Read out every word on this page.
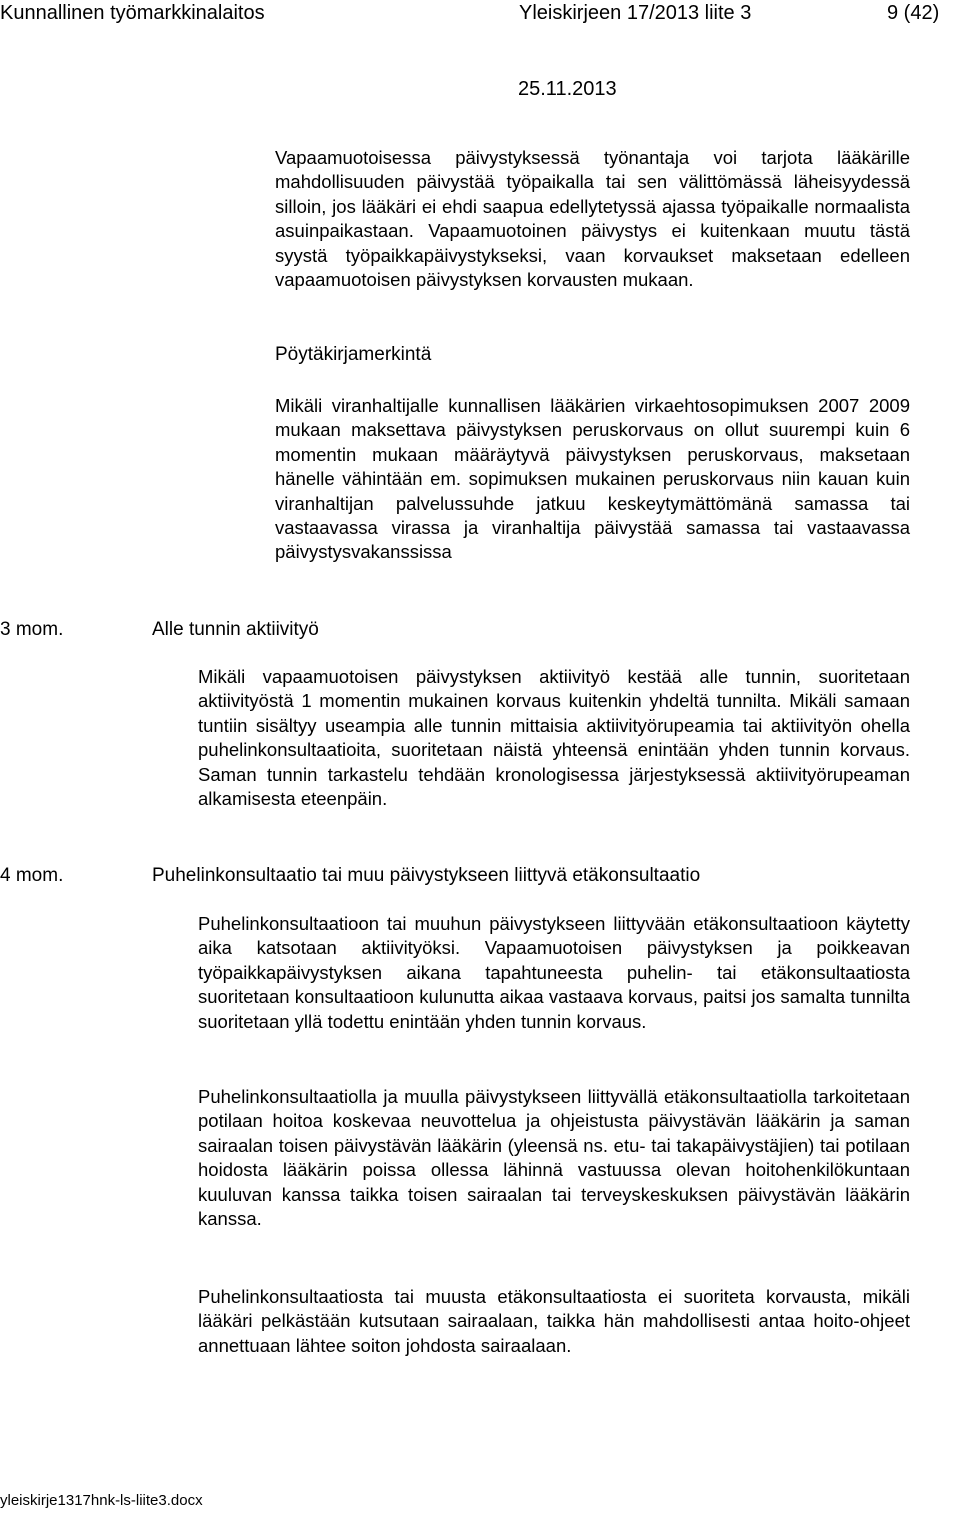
Kunnallinen työmarkkinalaitos	Yleiskirjeen 17/2013 liite 3	9 (42)
25.11.2013
Vapaamuotoisessa päivystyksessä työnantaja voi tarjota lääkärille mahdollisuuden päivystää työpaikalla tai sen välittömässä läheisyydessä silloin, jos lääkäri ei ehdi saapua edellytetyssä ajassa työpaikalle normaalista asuinpaikastaan. Vapaamuotoinen päivystys ei kuitenkaan muutu tästä syystä työpaikkapäivystykseksi, vaan korvaukset maksetaan edelleen vapaamuotoisen päivystyksen korvausten mukaan.
Pöytäkirjamerkintä
Mikäli viranhaltijalle kunnallisen lääkärien virkaehtosopimuksen 2007 2009 mukaan maksettava päivystyksen peruskorvaus on ollut suurempi kuin 6 momentin mukaan määräytyvä päivystyksen peruskorvaus, maksetaan hänelle vähintään em. sopimuksen mukainen peruskorvaus niin kauan kuin viranhaltijan palvelussuhde jatkuu keskeytymättömänä samassa tai vastaavassa virassa ja viranhaltija päivystää samassa tai vastaavassa päivystysvakanssissa
3 mom.	Alle tunnin aktiivityö
Mikäli vapaamuotoisen päivystyksen aktiivityö kestää alle tunnin, suoritetaan aktiivityöstä 1 momentin mukainen korvaus kuitenkin yhdeltä tunnilta. Mikäli samaan tuntiin sisältyy useampia alle tunnin mittaisia aktiivityörupeamia tai aktiivityön ohella puhelinkonsultaatioita, suoritetaan näistä yhteensä enintään yhden tunnin korvaus. Saman tunnin tarkastelu tehdään kronologisessa järjestyksessä aktiivityörupeaman alkamisesta eteenpäin.
4 mom.	Puhelinkonsultaatio tai muu päivystykseen liittyvä etäkonsultaatio
Puhelinkonsultaatioon tai muuhun päivystykseen liittyvään etäkonsultaatioon käytetty aika katsotaan aktiivityöksi. Vapaamuotoisen päivystyksen ja poikkeavan työpaikkapäivystyksen aikana tapahtuneesta puhelin- tai etäkonsultaatiosta suoritetaan konsultaatioon kulunutta aikaa vastaava korvaus, paitsi jos samalta tunnilta suoritetaan yllä todettu enintään yhden tunnin korvaus.
Puhelinkonsultaatiolla ja muulla päivystykseen liittyvällä etäkonsultaatiolla tarkoitetaan potilaan hoitoa koskevaa neuvottelua ja ohjeistusta päivystävän lääkärin ja saman sairaalan toisen päivystävän lääkärin (yleensä ns. etu- tai takapäivystäjien) tai potilaan hoidosta lääkärin poissa ollessa lähinnä vastuussa olevan hoitohenkilökuntaan kuuluvan kanssa taikka toisen sairaalan tai terveyskeskuksen päivystävän lääkärin kanssa.
Puhelinkonsultaatiosta tai muusta etäkonsultaatiosta ei suoriteta korvausta, mikäli lääkäri pelkästään kutsutaan sairaalaan, taikka hän mahdollisesti antaa hoito-ohjeet annettuaan lähtee soiton johdosta sairaalaan.
yleiskirje1317hnk-ls-liite3.docx
